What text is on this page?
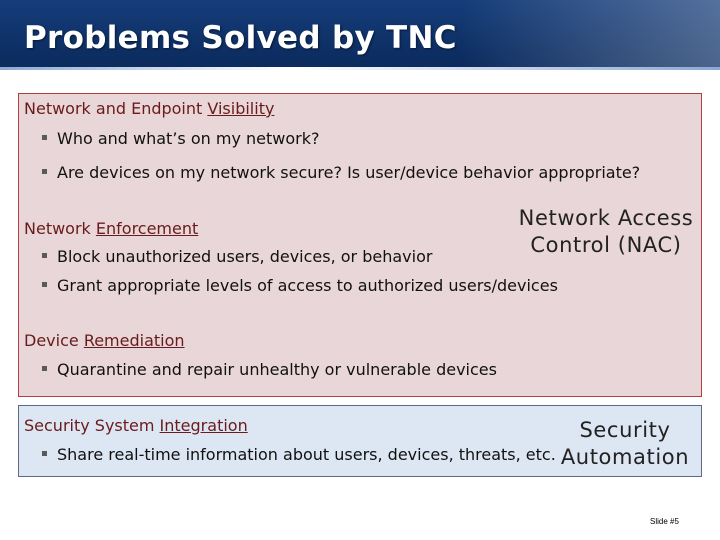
Problems Solved by TNC
Network and Endpoint Visibility
Who and what’s on my network?
Are devices on my network secure? Is user/device behavior appropriate?
Network Enforcement
Block unauthorized users, devices, or behavior
Grant appropriate levels of access to authorized users/devices
Network Access
Control (NAC)
Device Remediation
Quarantine and repair unhealthy or vulnerable devices
Security System Integration
Share real-time information about users, devices, threats, etc.
Security
Automation
Slide #5
